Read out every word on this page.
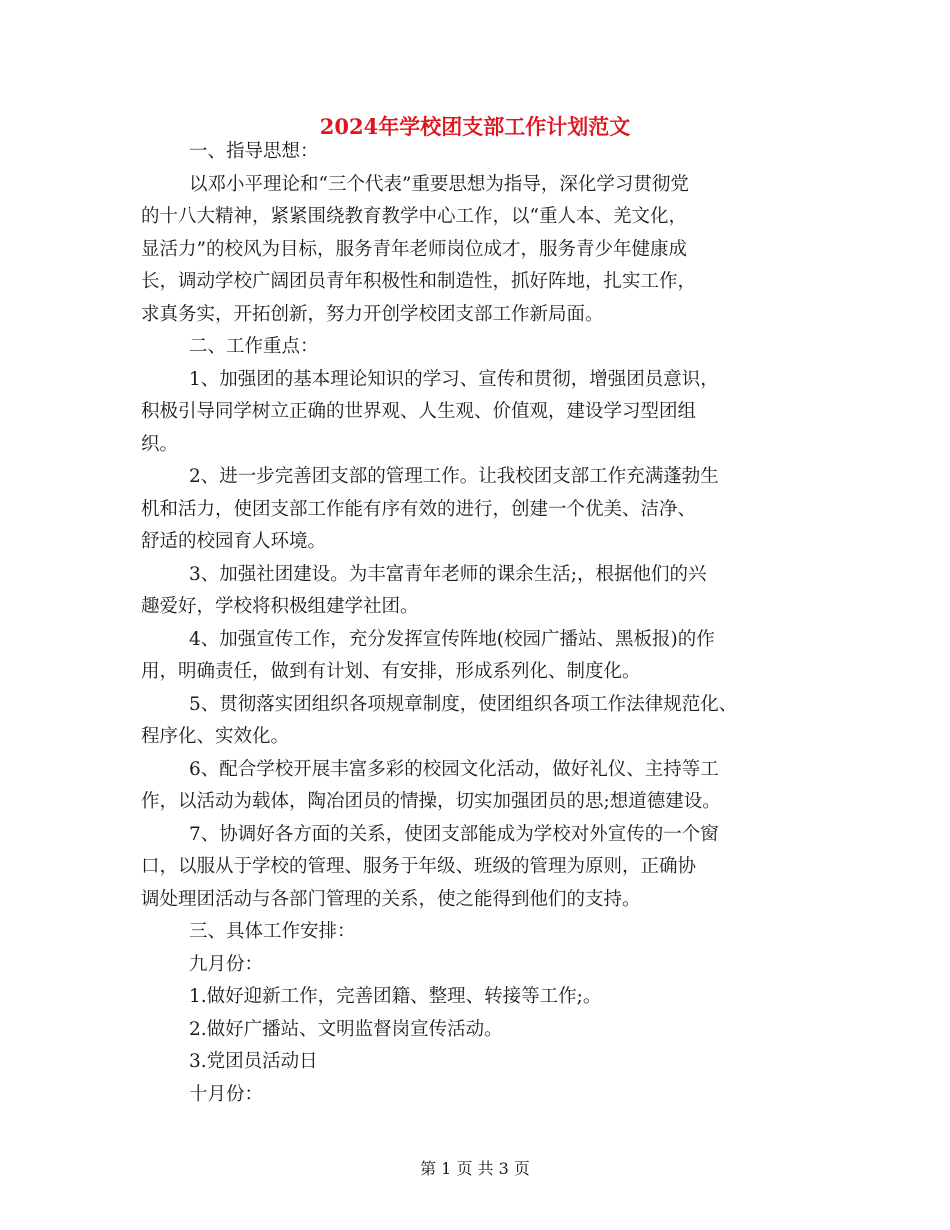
2024年学校团支部工作计划范文
一、指导思想：
以邓小平理论和“三个代表”重要思想为指导，深化学习贯彻党
的十八大精神，紧紧围绕教育教学中心工作，以“重人本、羌文化，
显活力”的校风为目标，服务青年老师岗位成才，服务青少年健康成
长，调动学校广阔团员青年积极性和制造性，抓好阵地，扎实工作，
求真务实，开拓创新，努力开创学校团支部工作新局面。
二、工作重点：
1、加强团的基本理论知识的学习、宣传和贯彻，增强团员意识，
积极引导同学树立正确的世界观、人生观、价值观，建设学习型团组
织。
2、进一步完善团支部的管理工作。让我校团支部工作充满蓬勃生
机和活力，使团支部工作能有序有效的进行，创建一个优美、洁净、
舒适的校园育人环境。
3、加强社团建设。为丰富青年老师的课余生活;，根据他们的兴
趣爱好，学校将积极组建学社团。
4、加强宣传工作，充分发挥宣传阵地(校园广播站、黑板报)的作
用，明确责任，做到有计划、有安排，形成系列化、制度化。
5、贯彻落实团组织各项规章制度，使团组织各项工作法律规范化、
程序化、实效化。
6、配合学校开展丰富多彩的校园文化活动，做好礼仪、主持等工
作，以活动为载体，陶冶团员的情操，切实加强团员的思;想道德建设。
7、协调好各方面的关系，使团支部能成为学校对外宣传的一个窗
口，以服从于学校的管理、服务于年级、班级的管理为原则，正确协
调处理团活动与各部门管理的关系，使之能得到他们的支持。
三、具体工作安排：
九月份：
1.做好迎新工作，完善团籍、整理、转接等工作;。
2.做好广播站、文明监督岗宣传活动。
3.党团员活动日
十月份：
第 1 页 共 3 页
